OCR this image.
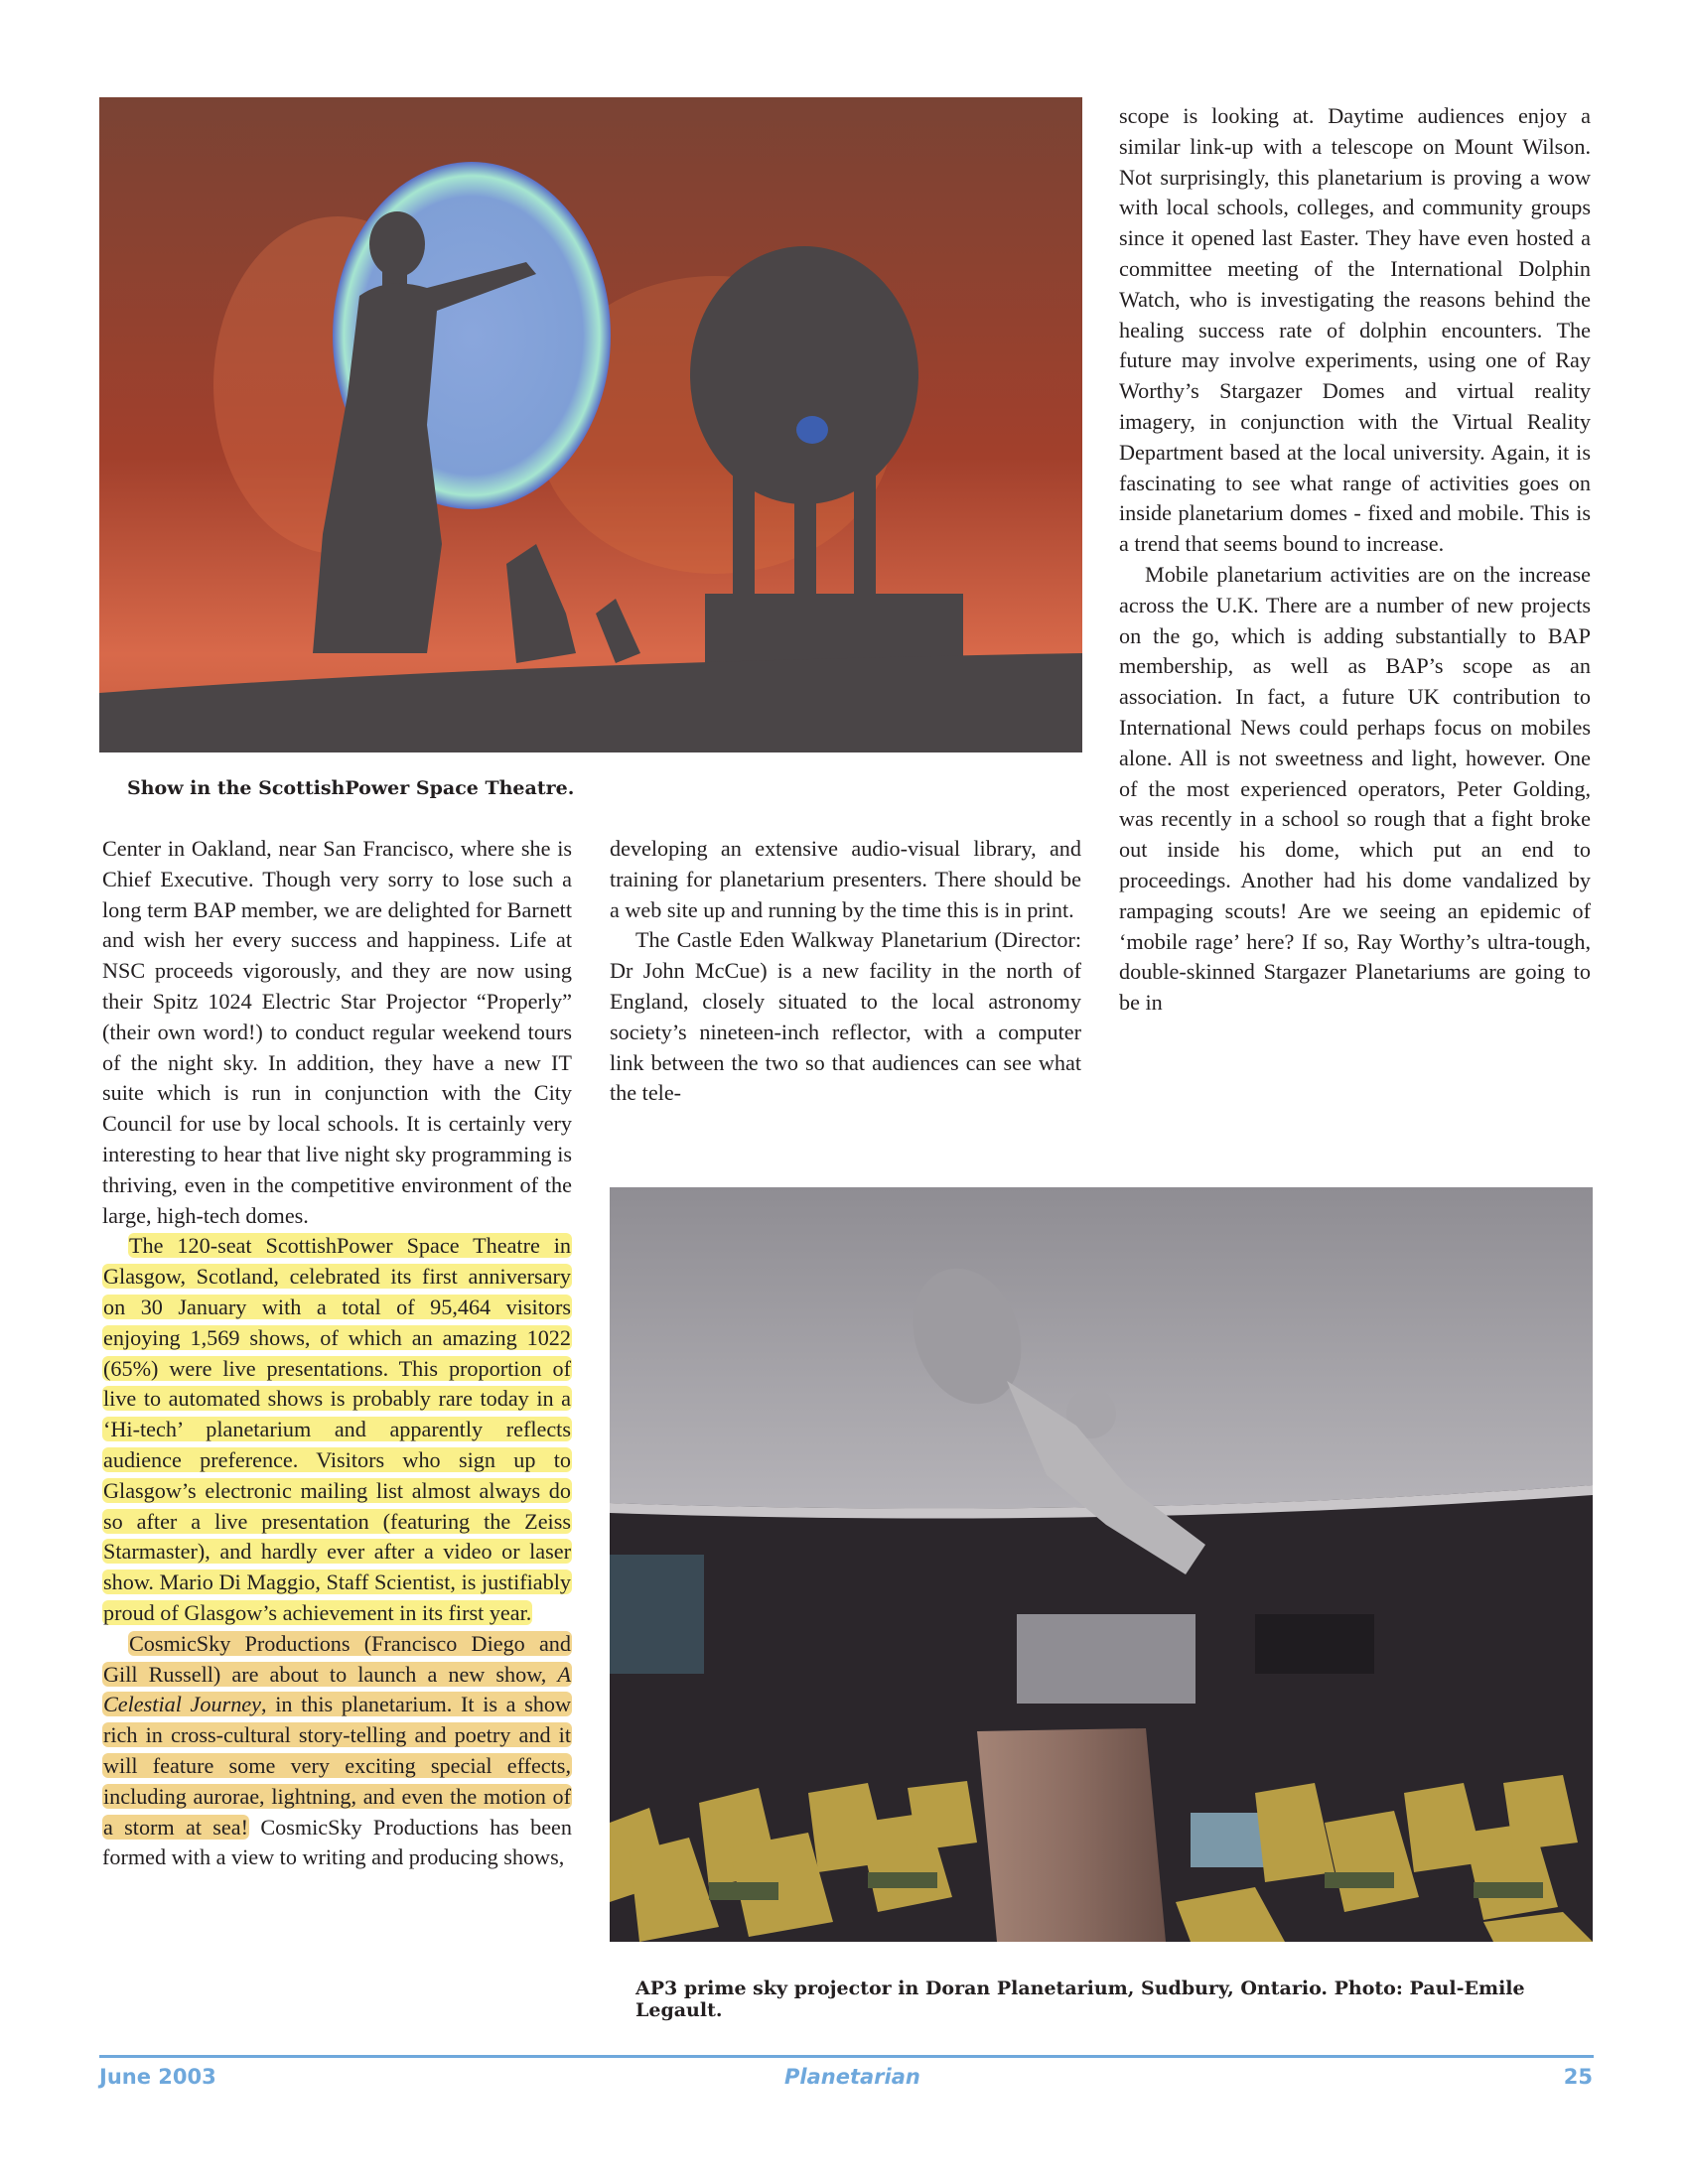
Show in the ScottishPower Space Theatre.

Center in Oakland, near San Francisco, where she is Chief Executive. Though very sorry to lose such a long term BAP member, we are delighted for Barnett and wish her every success and happiness. Life at NSC proceeds vigorously, and they are now using their Spitz 1024 Electric Star Projector “Properly” (their own word!) to conduct regular weekend tours of the night sky. In addition, they have a new IT suite which is run in conjunction with the City Council for use by local schools. It is certainly very interesting to hear that live night sky programming is thriving, even in the competitive environment of the large, high-tech domes.

The 120-seat ScottishPower Space Theatre in Glasgow, Scotland, celebrated its first anniversary on 30 January with a total of 95,464 visitors enjoying 1,569 shows, of which an amazing 1022 (65%) were live presentations. This proportion of live to automated shows is probably rare today in a ‘Hi-tech’ planetarium and apparently reflects audience preference. Visitors who sign up to Glasgow’s electronic mailing list almost always do so after a live presentation (featuring the Zeiss Starmaster), and hardly ever after a video or laser show. Mario Di Maggio, Staff Scientist, is justifiably proud of Glasgow’s achievement in its first year.

CosmicSky Productions (Francisco Diego and Gill Russell) are about to launch a new show, A Celestial Journey, in this planetarium. It is a show rich in cross-cultural story-telling and poetry and it will feature some very exciting special effects, including aurorae, lightning, and even the motion of a storm at sea! CosmicSky Productions has been formed with a view to writing and producing shows,

developing an extensive audio-visual library, and training for planetarium presenters. There should be a web site up and running by the time this is in print.

The Castle Eden Walkway Planetarium (Director: Dr John McCue) is a new facility in the north of England, closely situated to the local astronomy society’s nineteen-inch reflector, with a computer link between the two so that audiences can see what the tele-

scope is looking at. Daytime audiences enjoy a similar link-up with a telescope on Mount Wilson. Not surprisingly, this planetarium is proving a wow with local schools, colleges, and community groups since it opened last Easter. They have even hosted a committee meeting of the International Dolphin Watch, who is investigating the reasons behind the healing success rate of dolphin encounters. The future may involve experiments, using one of Ray Worthy’s Stargazer Domes and virtual reality imagery, in conjunction with the Virtual Reality Department based at the local university. Again, it is fascinating to see what range of activities goes on inside planetarium domes - fixed and mobile. This is a trend that seems bound to increase.

Mobile planetarium activities are on the increase across the U.K. There are a number of new projects on the go, which is adding substantially to BAP membership, as well as BAP’s scope as an association. In fact, a future UK contribution to International News could perhaps focus on mobiles alone. All is not sweetness and light, however. One of the most experienced operators, Peter Golding, was recently in a school so rough that a fight broke out inside his dome, which put an end to proceedings. Another had his dome vandalized by rampaging scouts! Are we seeing an epidemic of ‘mobile rage’ here? If so, Ray Worthy’s ultra-tough, double-skinned Stargazer Planetariums are going to be in

AP3 prime sky projector in Doran Planetarium, Sudbury, Ontario. Photo: Paul-Emile Legault.
June 2003	Planetarian	25
